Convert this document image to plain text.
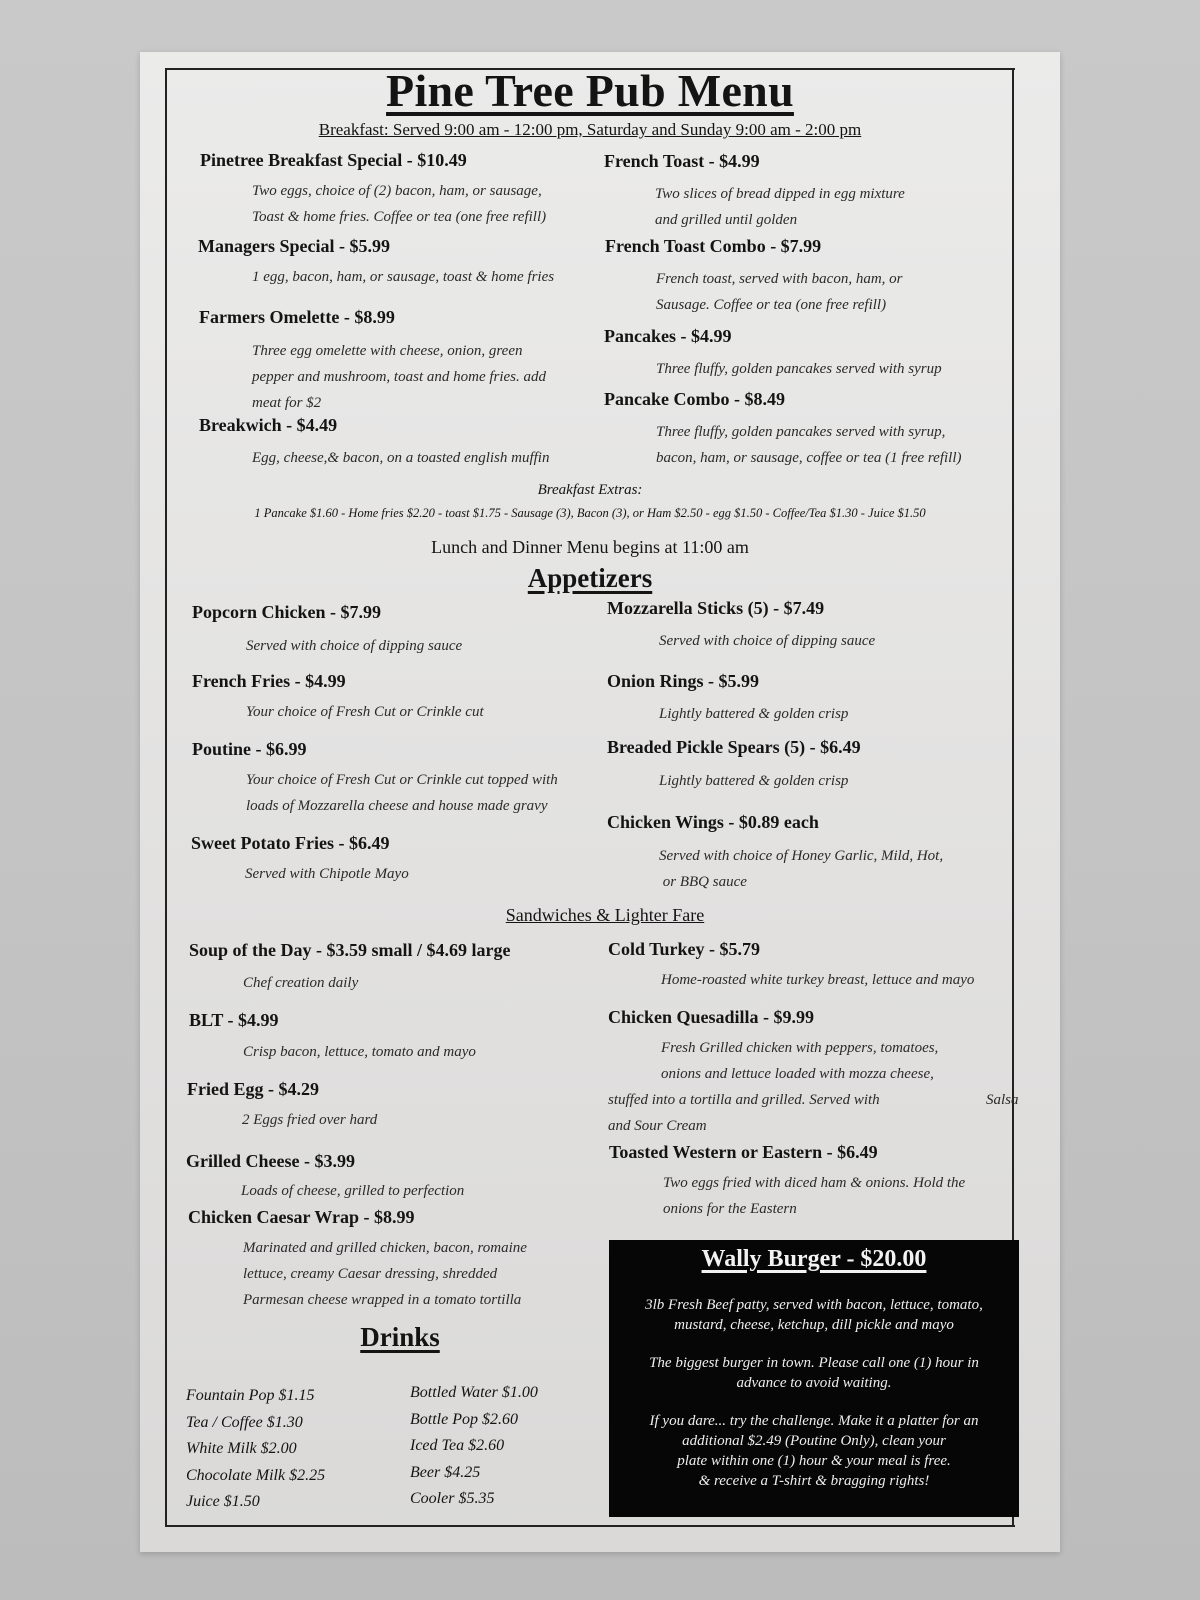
Pine Tree Pub Menu
Breakfast: Served 9:00 am - 12:00 pm, Saturday and Sunday 9:00 am - 2:00 pm
Pinetree Breakfast Special - $10.49
Two eggs, choice of (2) bacon, ham, or sausage,
Toast & home fries. Coffee or tea (one free refill)
Managers Special - $5.99
1 egg, bacon, ham, or sausage, toast & home fries
Farmers Omelette - $8.99
Three egg omelette with cheese, onion, green
pepper and mushroom, toast and home fries. add
meat for $2
Breakwich - $4.49
Egg, cheese,& bacon, on a toasted english muffin
French Toast - $4.99
Two slices of bread dipped in egg mixture
and grilled until golden
French Toast Combo - $7.99
French toast, served with bacon, ham, or
Sausage. Coffee or tea (one free refill)
Pancakes - $4.99
Three fluffy, golden pancakes served with syrup
Pancake Combo - $8.49
Three fluffy, golden pancakes served with syrup,
bacon, ham, or sausage, coffee or tea (1 free refill)
Breakfast Extras:
1 Pancake $1.60 - Home fries $2.20 - toast $1.75 - Sausage (3), Bacon (3), or Ham $2.50 - egg $1.50 - Coffee/Tea $1.30 - Juice $1.50
Lunch and Dinner Menu begins at 11:00 am
Appetizers
Popcorn Chicken - $7.99
Served with choice of dipping sauce
French Fries - $4.99
Your choice of Fresh Cut or Crinkle cut
Poutine - $6.99
Your choice of Fresh Cut or Crinkle cut topped with
loads of Mozzarella cheese and house made gravy
Sweet Potato Fries - $6.49
Served with Chipotle Mayo
Mozzarella Sticks (5) - $7.49
Served with choice of dipping sauce
Onion Rings - $5.99
Lightly battered & golden crisp
Breaded Pickle Spears (5) - $6.49
Lightly battered & golden crisp
Chicken Wings - $0.89 each
Served with choice of Honey Garlic, Mild, Hot,
or BBQ sauce
Sandwiches & Lighter Fare
Soup of the Day - $3.59 small / $4.69 large
Chef creation daily
BLT - $4.99
Crisp bacon, lettuce, tomato and mayo
Fried Egg - $4.29
2 Eggs fried over hard
Grilled Cheese - $3.99
Loads of cheese, grilled to perfection
Chicken Caesar Wrap - $8.99
Marinated and grilled chicken, bacon, romaine
lettuce, creamy Caesar dressing, shredded
Parmesan cheese wrapped in a tomato tortilla
Cold Turkey - $5.79
Home-roasted white turkey breast, lettuce and mayo
Chicken Quesadilla - $9.99
Fresh Grilled chicken with peppers, tomatoes,
onions and lettuce loaded with mozza cheese,
stuffed into a tortilla and grilled. Served with	Salsa
and Sour Cream
Toasted Western or Eastern - $6.49
Two eggs fried with diced ham & onions. Hold the
onions for the Eastern
Drinks
Fountain Pop $1.15
Tea / Coffee $1.30
White Milk $2.00
Chocolate Milk $2.25
Juice $1.50
Bottled Water $1.00
Bottle Pop $2.60
Iced Tea $2.60
Beer $4.25
Cooler $5.35
Wally Burger - $20.00

3lb Fresh Beef patty, served with bacon, lettuce, tomato,
mustard, cheese, ketchup, dill pickle and mayo

The biggest burger in town. Please call one (1) hour in
advance to avoid waiting.

If you dare... try the challenge. Make it a platter for an
additional $2.49 (Poutine Only), clean your
plate within one (1) hour & your meal is free.
& receive a T-shirt & bragging rights!
